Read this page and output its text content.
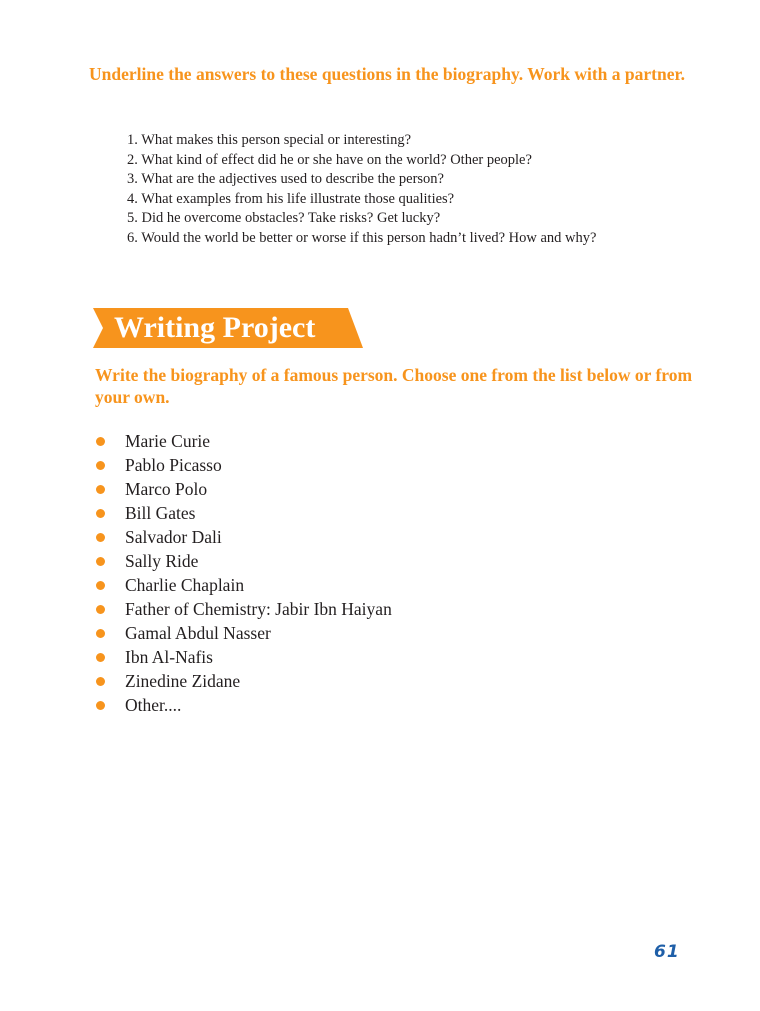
Underline the answers to these questions in the biography. Work with a partner.

1. What makes this person special or interesting?
2. What kind of effect did he or she have on the world? Other people?
3. What are the adjectives used to describe the person?
4. What examples from his life illustrate those qualities?
5. Did he overcome obstacles? Take risks? Get lucky?
6. Would the world be better or worse if this person hadn’t lived? How and why?
Writing Project

Write the biography of a famous person. Choose one from the list below or from your own.

Marie Curie
Pablo Picasso
Marco Polo
Bill Gates
Salvador Dali
Sally Ride
Charlie Chaplain
Father of Chemistry: Jabir Ibn Haiyan
Gamal Abdul Nasser
Ibn Al-Nafis
Zinedine Zidane
Other....
61
